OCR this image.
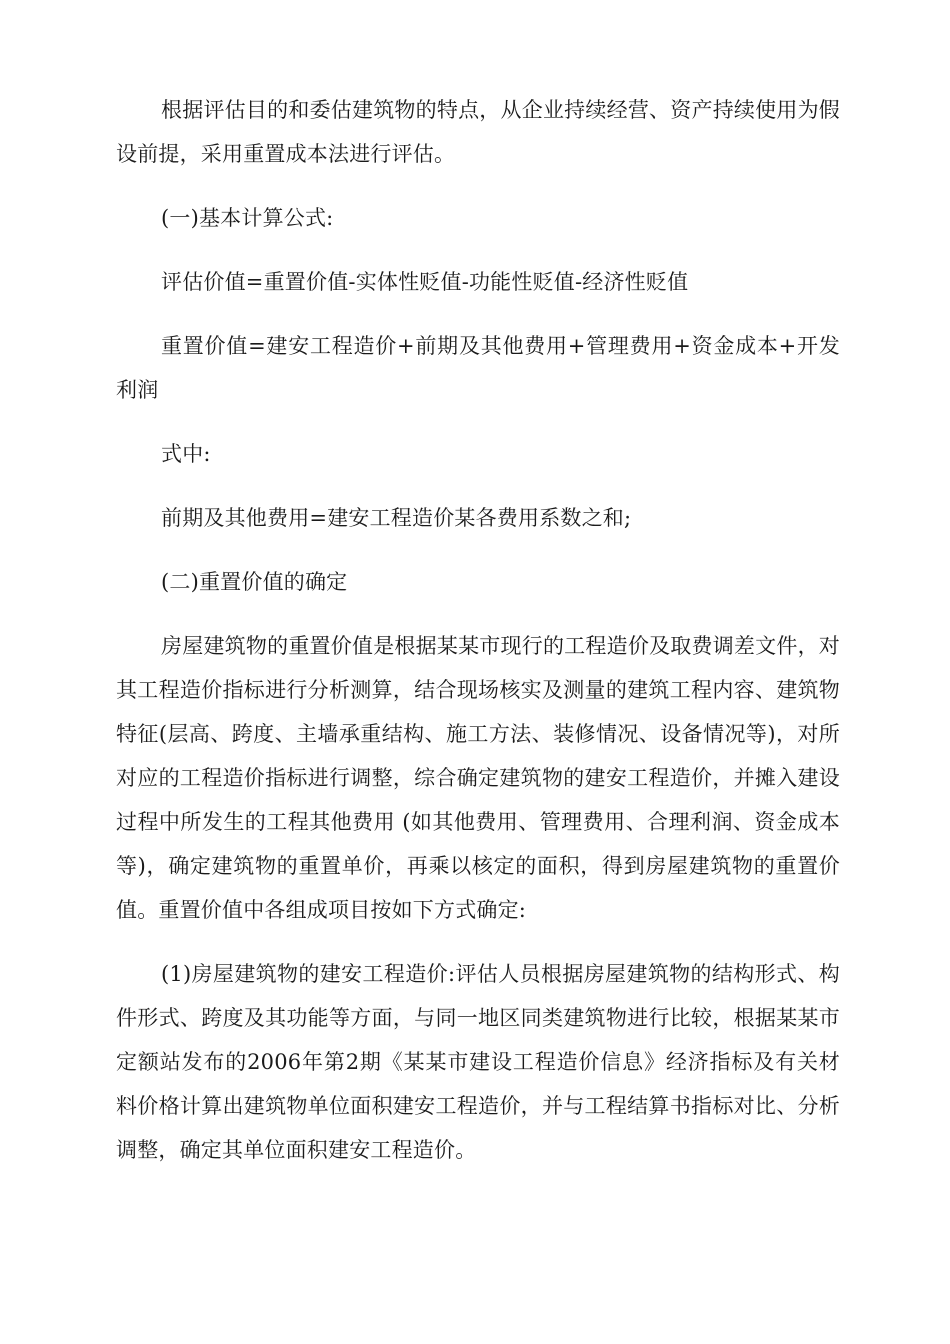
根据评估目的和委估建筑物的特点，从企业持续经营、资产持续使用为假设前提，采用重置成本法进行评估。

(一)基本计算公式:

评估价值=重置价值-实体性贬值-功能性贬值-经济性贬值

重置价值=建安工程造价+前期及其他费用+管理费用+资金成本+开发利润

式中:

前期及其他费用=建安工程造价某各费用系数之和;

(二)重置价值的确定

房屋建筑物的重置价值是根据某某市现行的工程造价及取费调差文件，对其工程造价指标进行分析测算，结合现场核实及测量的建筑工程内容、建筑物特征(层高、跨度、主墙承重结构、施工方法、装修情况、设备情况等)，对所对应的工程造价指标进行调整，综合确定建筑物的建安工程造价，并摊入建设过程中所发生的工程其他费用 (如其他费用、管理费用、合理利润、资金成本等)，确定建筑物的重置单价，再乘以核定的面积，得到房屋建筑物的重置价值。重置价值中各组成项目按如下方式确定:

(1)房屋建筑物的建安工程造价:评估人员根据房屋建筑物的结构形式、构件形式、跨度及其功能等方面，与同一地区同类建筑物进行比较，根据某某市定额站发布的2006年第2期《某某市建设工程造价信息》经济指标及有关材料价格计算出建筑物单位面积建安工程造价，并与工程结算书指标对比、分析调整，确定其单位面积建安工程造价。
